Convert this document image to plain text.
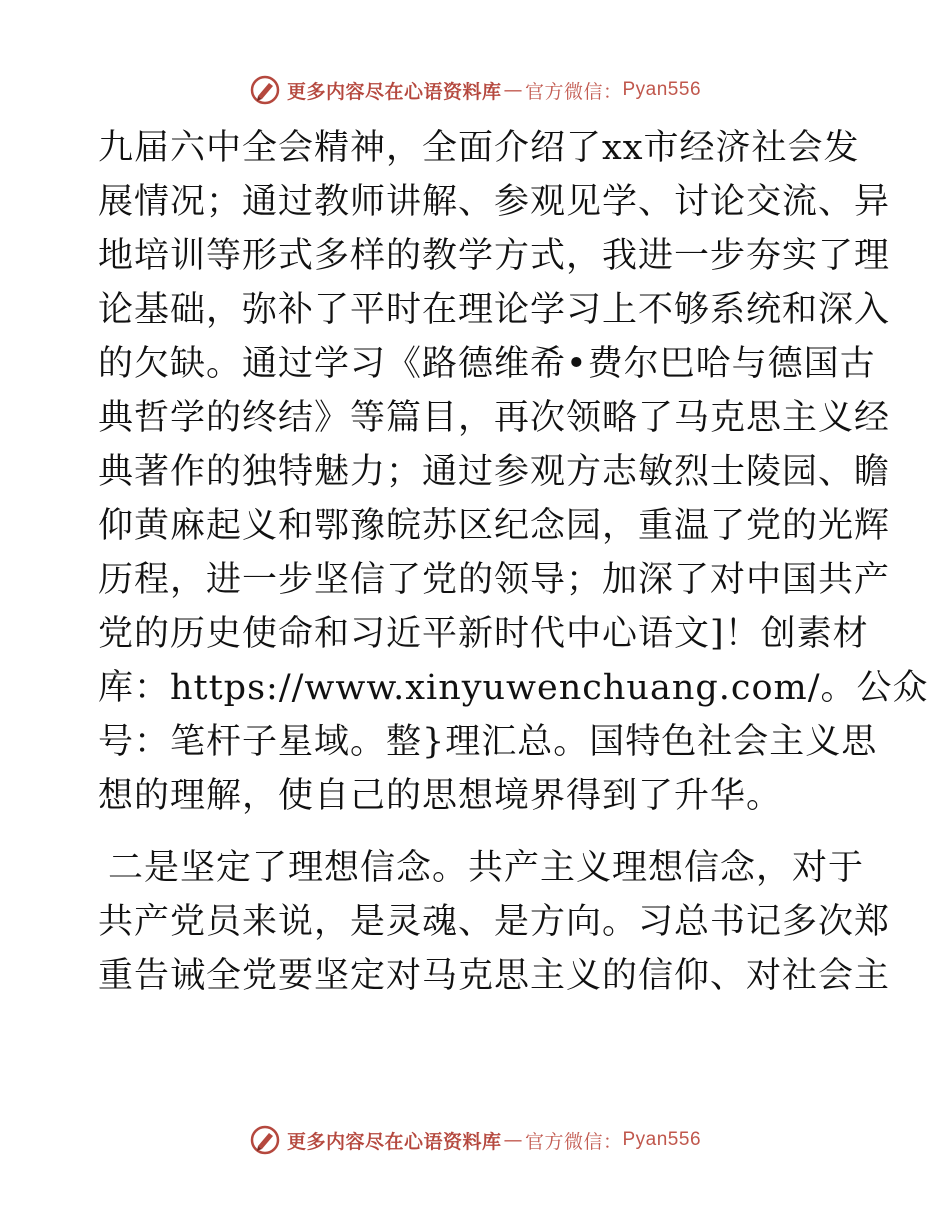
更多内容尽在心语资料库 — 官方微信： Pyan556
九届六中全会精神，全面介绍了xx市经济社会发
展情况；通过教师讲解、参观见学、讨论交流、异
地培训等形式多样的教学方式，我进一步夯实了理
论基础，弥补了平时在理论学习上不够系统和深入
的欠缺。通过学习《路德维希•费尔巴哈与德国古
典哲学的终结》等篇目，再次领略了马克思主义经
典著作的独特魅力；通过参观方志敏烈士陵园、瞻
仰黄麻起义和鄂豫皖苏区纪念园，重温了党的光辉
历程，进一步坚信了党的领导；加深了对中国共产
党的历史使命和习近平新时代中心语文]！创素材
库：https://www.xinyuwenchuang.com/。公众
号：笔杆子星域。整}理汇总。国特色社会主义思
想的理解，使自己的思想境界得到了升华。
二是坚定了理想信念。共产主义理想信念，对于
共产党员来说，是灵魂、是方向。习总书记多次郑
重告诫全党要坚定对马克思主义的信仰、对社会主
更多内容尽在心语资料库 — 官方微信： Pyan556
